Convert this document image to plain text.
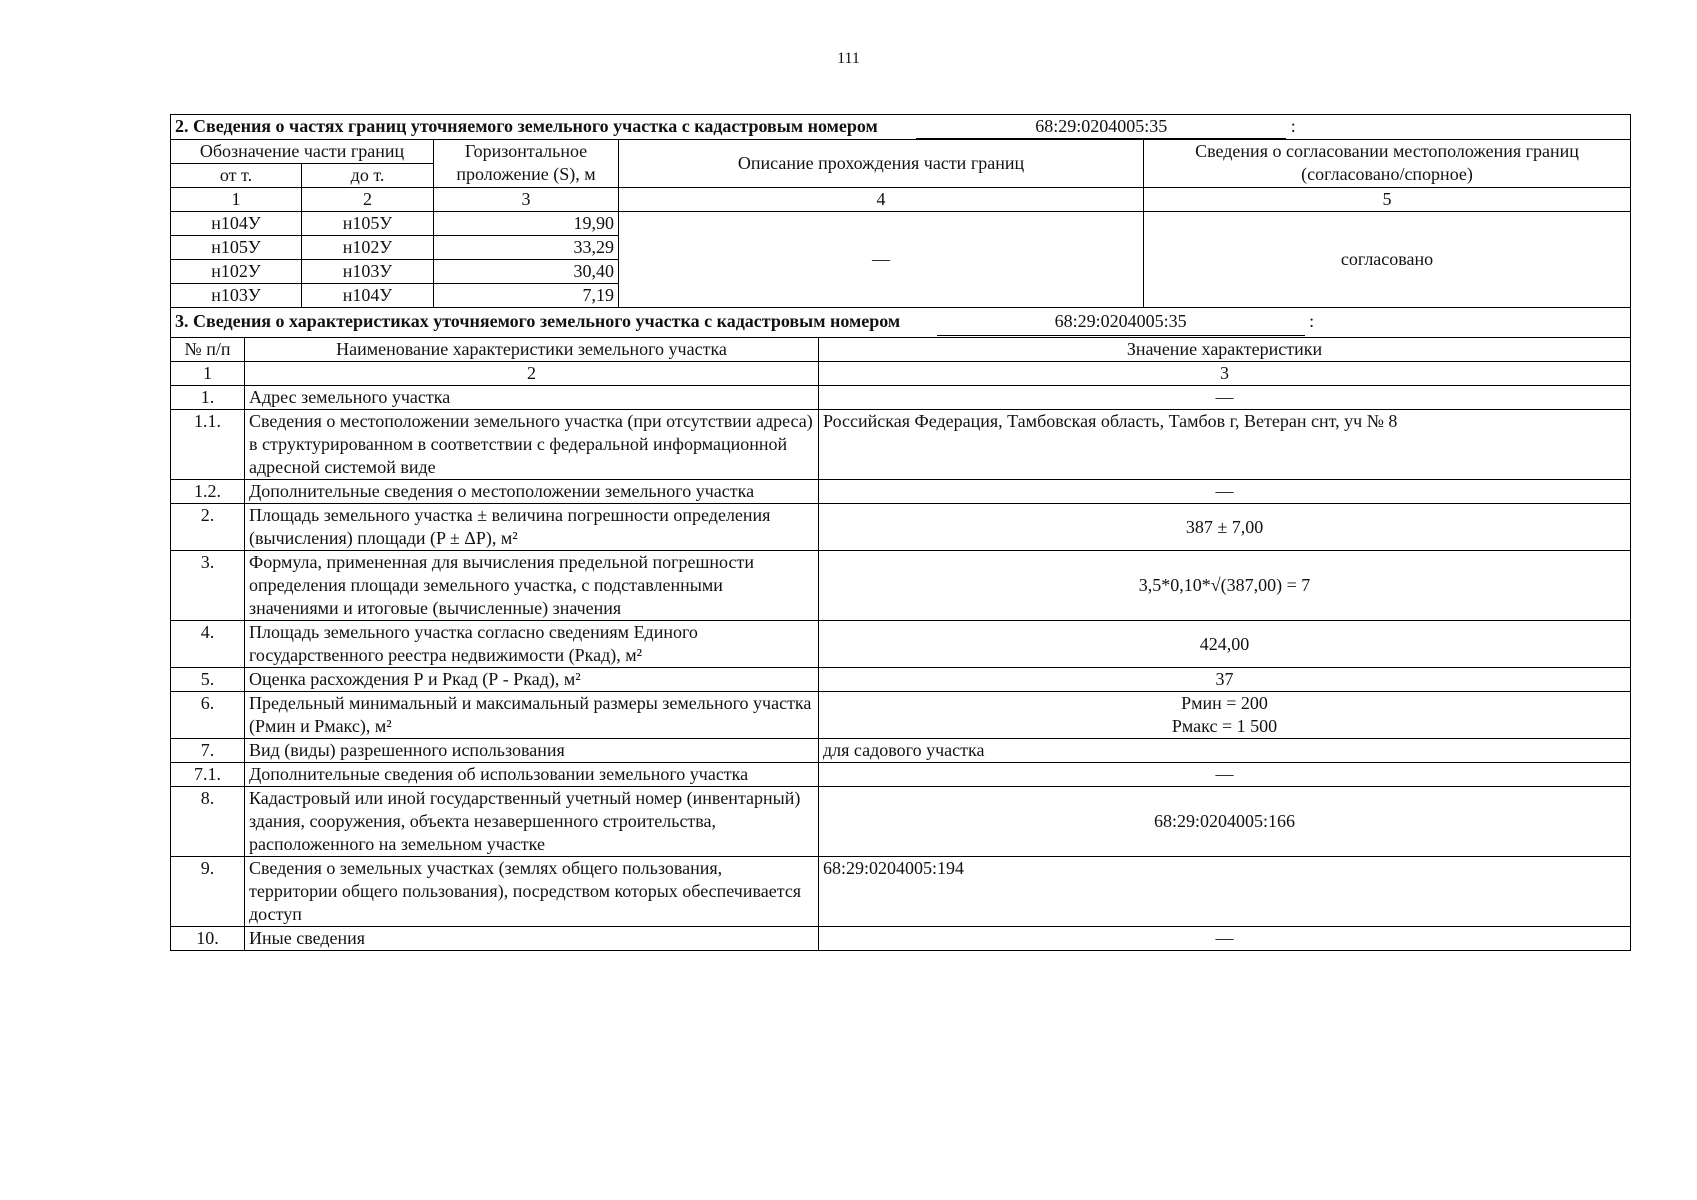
111
2. Сведения о частях границ уточняемого земельного участка с кадастровым номером 68:29:0204005:35 :				
Обозначение части границ		Горизонтальное проложение (S), м	Описание прохождения части границ	Сведения о согласовании местоположения границ (согласовано/спорное)
от т.	до т.			
1	2	3	4	5
н104У	н105У	19,90	—	согласовано
н105У	н102У	33,29		
н102У	н103У	30,40		
н103У	н104У	7,19		
3. Сведения о характеристиках уточняемого земельного участка с кадастровым номером 68:29:0204005:35 :		
№ п/п	Наименование характеристики земельного участка	Значение характеристики
1	2	3
1.	Адрес земельного участка	—
1.1.	Сведения о местоположении земельного участка (при отсутствии адреса) в структурированном в соответствии с федеральной информационной адресной системой виде	Российская Федерация, Тамбовская область, Тамбов г, Ветеран снт, уч № 8
1.2.	Дополнительные сведения о местоположении земельного участка	—
2.	Площадь земельного участка ± величина погрешности определения (вычисления) площади (P ± ΔP), м²	387 ± 7,00
3.	Формула, примененная для вычисления предельной погрешности определения площади земельного участка, с подставленными значениями и итоговые (вычисленные) значения	3,5*0,10*√(387,00) = 7
4.	Площадь земельного участка согласно сведениям Единого государственного реестра недвижимости (Ркад), м²	424,00
5.	Оценка расхождения Р и Ркад (Р - Ркад), м²	37
6.	Предельный минимальный и максимальный размеры земельного участка (Рмин и Рмакс), м²	Рмин = 200
Рмакс = 1 500

7.	Вид (виды) разрешенного использования	для садового участка
7.1.	Дополнительные сведения об использовании земельного участка	—
8.	Кадастровый или иной государственный учетный номер (инвентарный) здания, сооружения, объекта незавершенного строительства, расположенного на земельном участке	68:29:0204005:166
9.	Сведения о земельных участках (землях общего пользования, территории общего пользования), посредством которых обеспечивается доступ	68:29:0204005:194
10.	Иные сведения	—
